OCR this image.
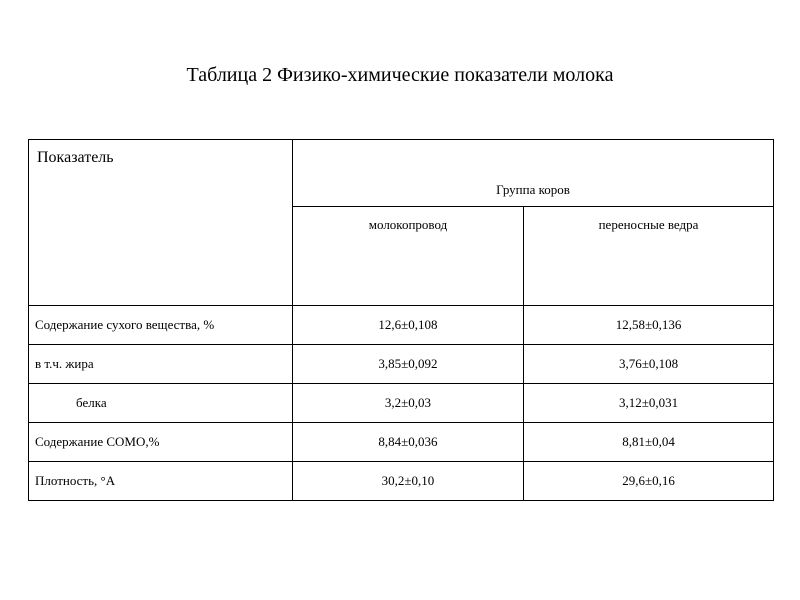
Таблица 2 Физико-химические показатели молока
Показатель	Группа коров	
	молокопровод	переносные ведра
Содержание сухого вещества, %	12,6±0,108	12,58±0,136
в т.ч. жира	3,85±0,092	3,76±0,108
белка	3,2±0,03	3,12±0,031
Содержание СОМО,%	8,84±0,036	8,81±0,04
Плотность, °А	30,2±0,10	29,6±0,16
